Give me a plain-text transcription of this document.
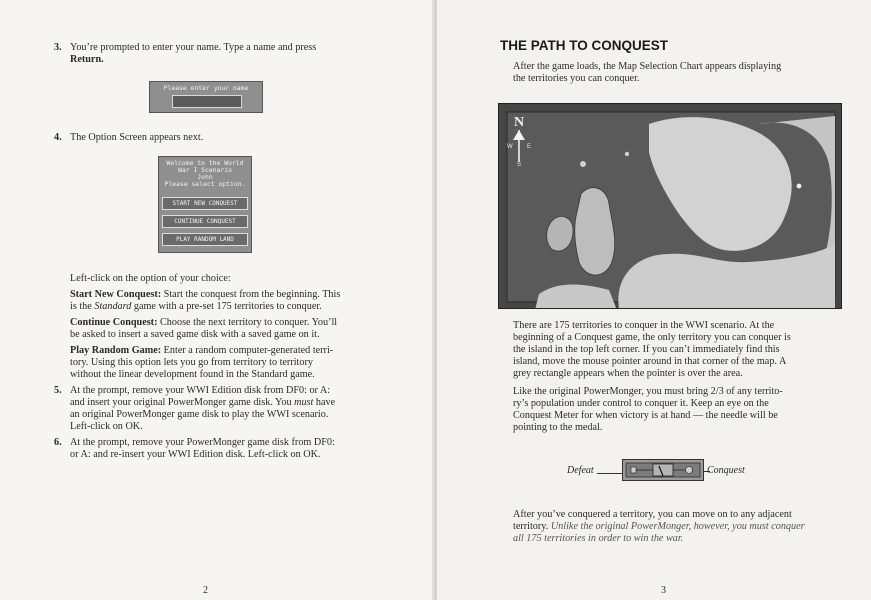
3. You’re prompted to enter your name. Type a name and press
Return.
Please enter your name
4. The Option Screen appears next.
Welcome to the World
War I Scenario
John
Please select option.
START NEW CONQUEST
CONTINUE CONQUEST
PLAY RANDOM LAND
Left-click on the option of your choice:
Start New Conquest: Start the conquest from the beginning. This
is the Standard game with a pre-set 175 territories to conquer.
Continue Conquest: Choose the next territory to conquer. You’ll
be asked to insert a saved game disk with a saved game on it.
Play Random Game: Enter a random computer-generated terri-
tory. Using this option lets you go from territory to territory
without the linear development found in the Standard game.
5. At the prompt, remove your WWI Edition disk from DF0: or A:
and insert your original PowerMonger game disk. You must have
an original PowerMonger game disk to play the WWI scenario.
Left-click on OK.
6. At the prompt, remove your PowerMonger game disk from DF0:
or A: and re-insert your WWI Edition disk. Left-click on OK.
2
THE PATH TO CONQUEST
After the game loads, the Map Selection Chart appears displaying
the territories you can conquer.
N
W E
S
There are 175 territories to conquer in the WWI scenario. At the
beginning of a Conquest game, the only territory you can conquer is
the island in the top left corner. If you can’t immediately find this
island, move the mouse pointer around in that corner of the map. A
grey rectangle appears when the pointer is over the area.
Like the original PowerMonger, you must bring 2/3 of any territo-
ry’s population under control to conquer it. Keep an eye on the
Conquest Meter for when victory is at hand — the needle will be
pointing to the medal.
Defeat	Conquest
After you’ve conquered a territory, you can move on to any adjacent
territory. Unlike the original PowerMonger, however, you must conquer
all 175 territories in order to win the war.
3
